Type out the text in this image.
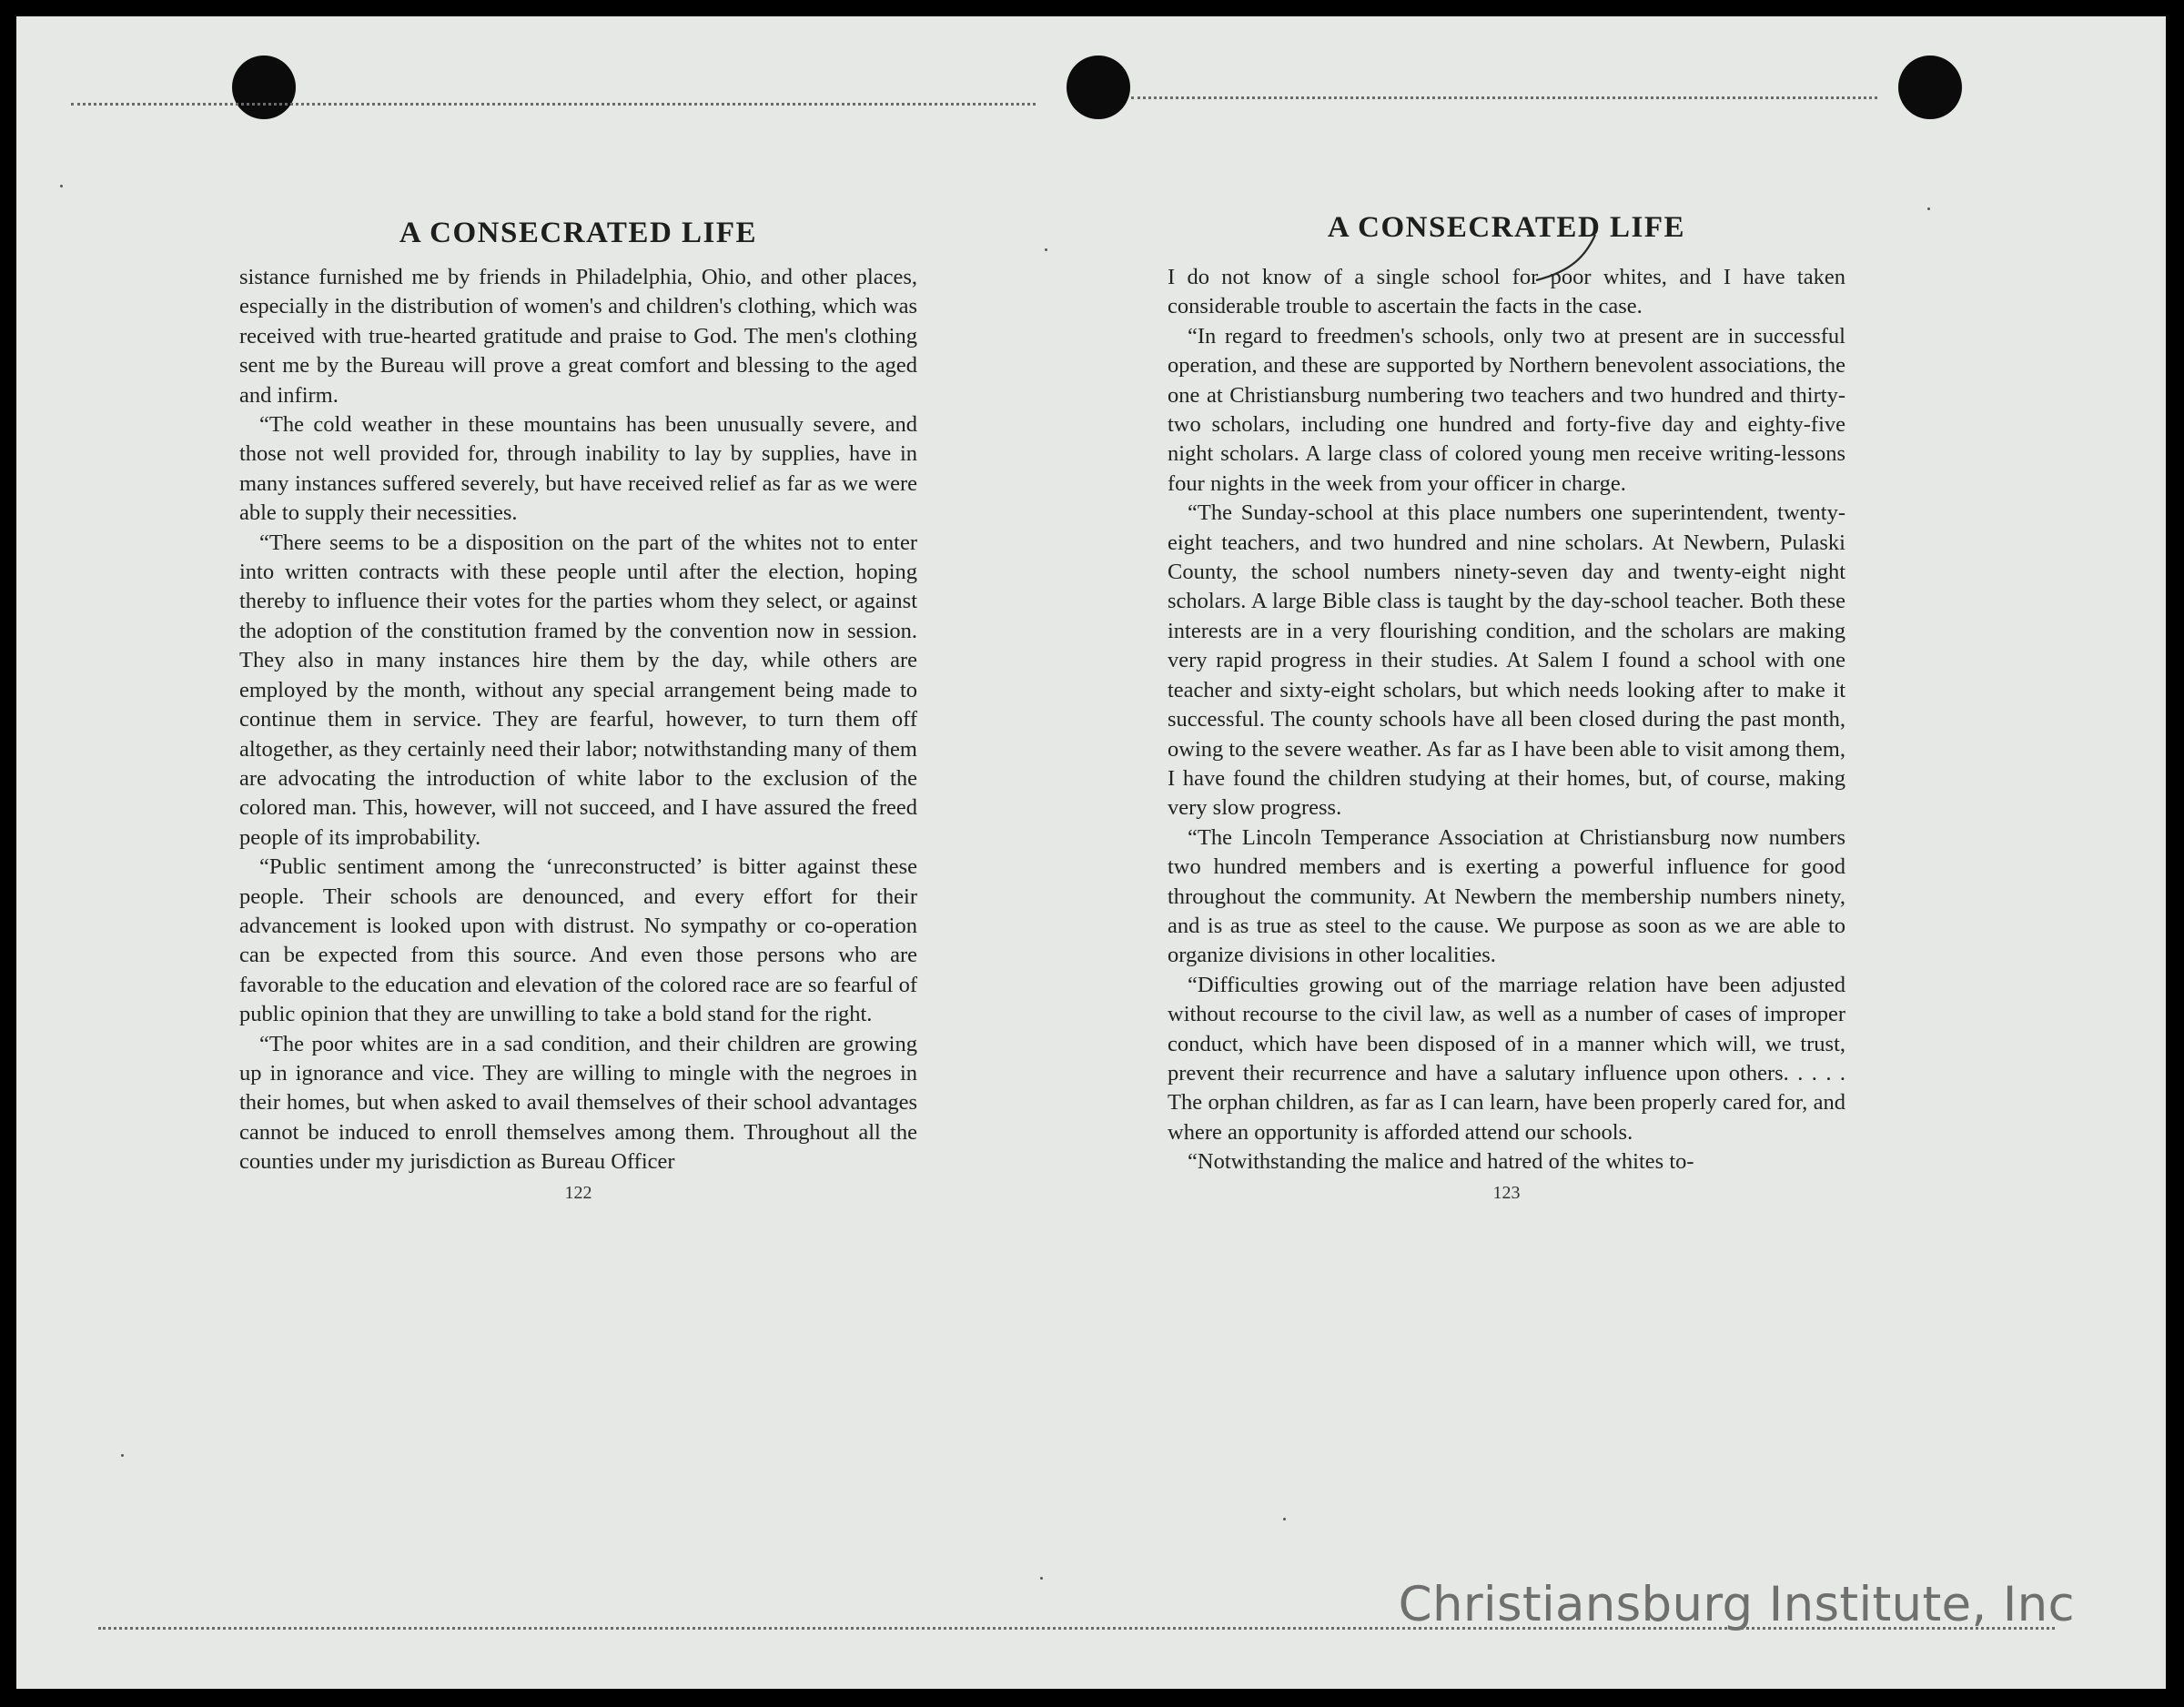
A CONSECRATED LIFE

sistance furnished me by friends in Philadelphia, Ohio, and other places, especially in the distribution of women's and children's clothing, which was received with true-hearted gratitude and praise to God. The men's clothing sent me by the Bureau will prove a great comfort and blessing to the aged and infirm.

“The cold weather in these mountains has been unusually severe, and those not well provided for, through inability to lay by supplies, have in many instances suffered severely, but have received relief as far as we were able to supply their necessities.

“There seems to be a disposition on the part of the whites not to enter into written contracts with these people until after the election, hoping thereby to influence their votes for the parties whom they select, or against the adoption of the constitution framed by the convention now in session. They also in many instances hire them by the day, while others are employed by the month, without any special arrangement being made to continue them in service. They are fearful, however, to turn them off altogether, as they certainly need their labor; notwithstanding many of them are advocating the introduction of white labor to the exclusion of the colored man. This, however, will not succeed, and I have assured the freed people of its improbability.

“Public sentiment among the ‘unreconstructed’ is bitter against these people. Their schools are denounced, and every effort for their advancement is looked upon with distrust. No sympathy or co-operation can be expected from this source. And even those persons who are favorable to the education and elevation of the colored race are so fearful of public opinion that they are unwilling to take a bold stand for the right.

“The poor whites are in a sad condition, and their children are growing up in ignorance and vice. They are willing to mingle with the negroes in their homes, but when asked to avail themselves of their school advantages cannot be induced to enroll themselves among them. Throughout all the counties under my jurisdiction as Bureau Officer

122
A CONSECRATED LIFE

I do not know of a single school for poor whites, and I have taken considerable trouble to ascertain the facts in the case.

“In regard to freedmen's schools, only two at present are in successful operation, and these are supported by Northern benevolent associations, the one at Christiansburg numbering two teachers and two hundred and thirty-two scholars, including one hundred and forty-five day and eighty-five night scholars. A large class of colored young men receive writing-lessons four nights in the week from your officer in charge.

“The Sunday-school at this place numbers one superintendent, twenty-eight teachers, and two hundred and nine scholars. At Newbern, Pulaski County, the school numbers ninety-seven day and twenty-eight night scholars. A large Bible class is taught by the day-school teacher. Both these interests are in a very flourishing condition, and the scholars are making very rapid progress in their studies. At Salem I found a school with one teacher and sixty-eight scholars, but which needs looking after to make it successful. The county schools have all been closed during the past month, owing to the severe weather. As far as I have been able to visit among them, I have found the children studying at their homes, but, of course, making very slow progress.

“The Lincoln Temperance Association at Christiansburg now numbers two hundred members and is exerting a powerful influence for good throughout the community. At Newbern the membership numbers ninety, and is as true as steel to the cause. We purpose as soon as we are able to organize divisions in other localities.

“Difficulties growing out of the marriage relation have been adjusted without recourse to the civil law, as well as a number of cases of improper conduct, which have been disposed of in a manner which will, we trust, prevent their recurrence and have a salutary influence upon others. . . . . The orphan children, as far as I can learn, have been properly cared for, and where an opportunity is afforded attend our schools.

“Notwithstanding the malice and hatred of the whites to-

123
Christiansburg Institute, Inc
